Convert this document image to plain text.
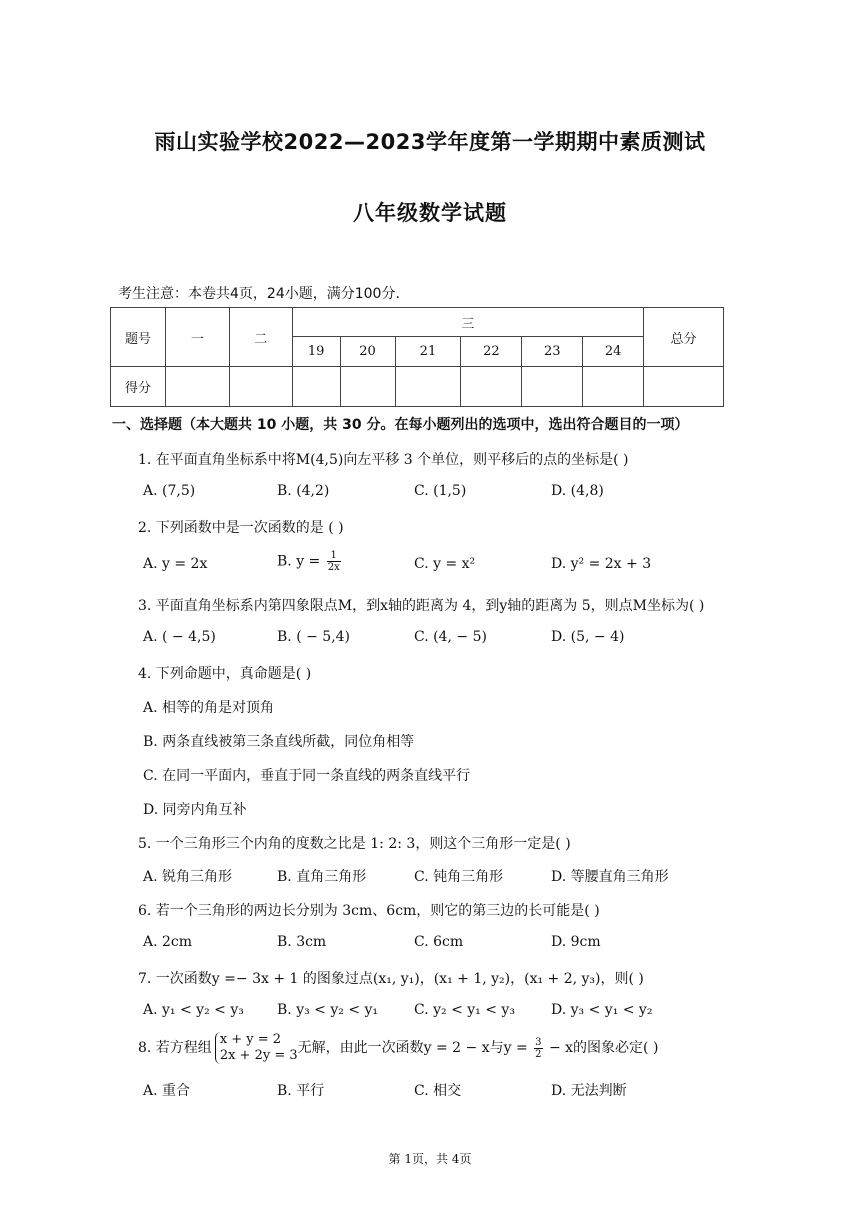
雨山实验学校2022—2023学年度第一学期期中素质测试
八年级数学试题
考生注意：本卷共4页，24小题，满分100分.
题号	一	二	三						总分
			19	20	21	22	23	24	
得分									
一、选择题（本大题共 10 小题，共 30 分。在每小题列出的选项中，选出符合题目的一项）
1. 在平面直角坐标系中将M(4,5)向左平移 3 个单位，则平移后的点的坐标是( )
A. (7,5)	B. (4,2)	C. (1,5)	D. (4,8)
2. 下列函数中是一次函数的是 ( )
A. y = 2x	B. $y = \frac{1}{2x}$	C. y = x²	D. y² = 2x + 3
3. 平面直角坐标系内第四象限点M，到x轴的距离为 4，到y轴的距离为 5，则点M坐标为( )
A. ( − 4,5)	B. ( − 5,4)	C. (4, − 5)	D. (5, − 4)
4. 下列命题中，真命题是( )
A. 相等的角是对顶角
B. 两条直线被第三条直线所截，同位角相等
C. 在同一平面内，垂直于同一条直线的两条直线平行
D. 同旁内角互补
5. 一个三角形三个内角的度数之比是 1: 2: 3，则这个三角形一定是( )
A. 锐角三角形	B. 直角三角形	C. 钝角三角形	D. 等腰直角三角形
6. 若一个三角形的两边长分别为 3cm、6cm，则它的第三边的长可能是( )
A. 2cm	B. 3cm	C. 6cm	D. 9cm
7. 一次函数y =− 3x + 1 的图象过点(x₁, y₁)，(x₁ + 1, y₂)，(x₁ + 2, y₃)，则( )
A. y₁ < y₂ < y₃ B. y₃ < y₂ < y₁	C. y₂ < y₁ < y₃	D. y₃ < y₁ < y₂
8. 若方程组
x + y = 2
2x + 2y = 3 无解，由此一次函数y = 2 − x与$y = \frac{3}{2} - x$的图象必定( )
A. 重合	B. 平行	C. 相交	D. 无法判断
第 1页，共 4页
